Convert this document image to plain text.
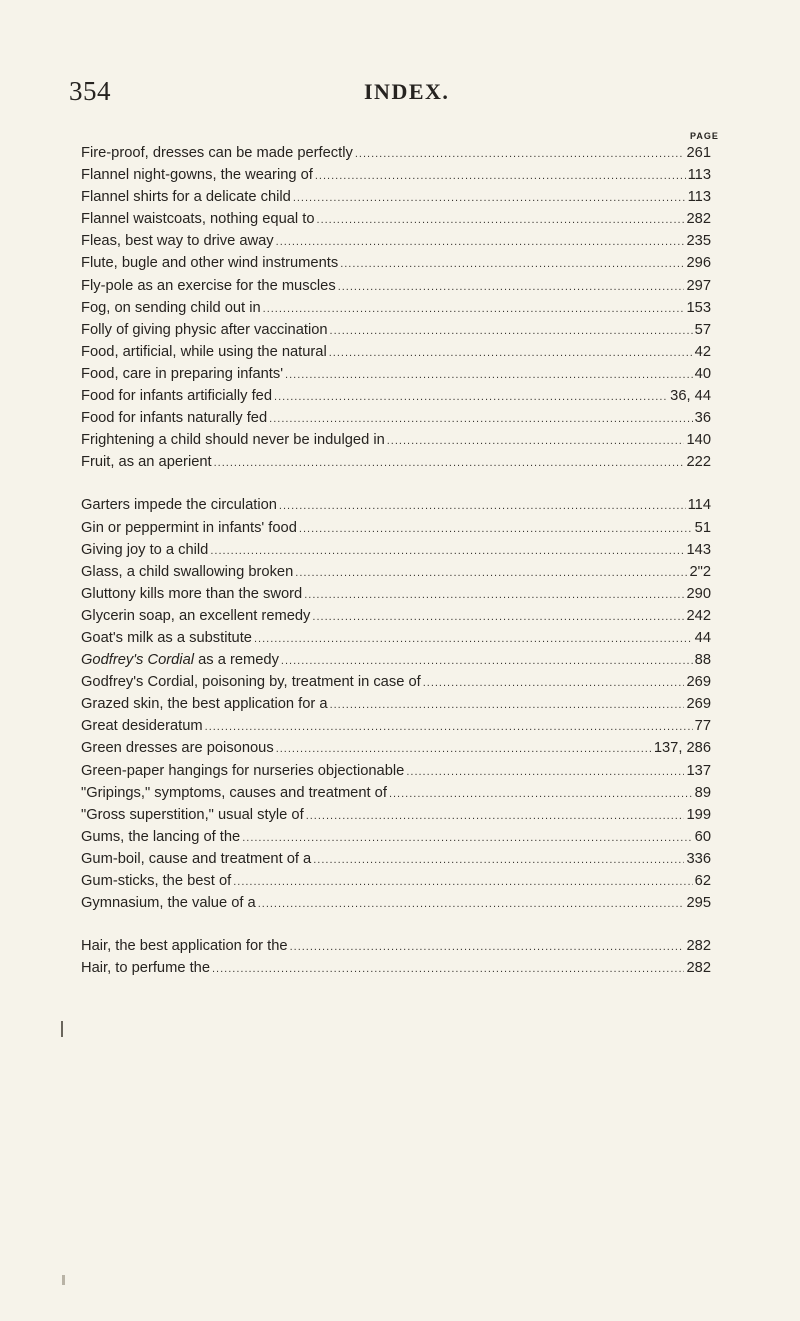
354	INDEX.
PAGE
Fire-proof, dresses can be made perfectly .....	261
Flannel night-gowns, the wearing of .....	113
Flannel shirts for a delicate child .....	113
Flannel waistcoats, nothing equal to .....	282
Fleas, best way to drive away .....	235
Flute, bugle and other wind instruments .....	296
Fly-pole as an exercise for the muscles .....	297
Fog, on sending child out in .....	153
Folly of giving physic after vaccination .....	57
Food, artificial, while using the natural .....	42
Food, care in preparing infants' .....	40
Food for infants artificially fed .....	36, 44
Food for infants naturally fed .....	36
Frightening a child should never be indulged in .....	140
Fruit, as an aperient .....	222
Garters impede the circulation .....	114
Gin or peppermint in infants' food .....	51
Giving joy to a child .....	143
Glass, a child swallowing broken .....	2"2
Gluttony kills more than the sword .....	290
Glycerin soap, an excellent remedy .....	242
Goat's milk as a substitute .....	44
Godfrey's Cordial as a remedy .....	88
Godfrey's Cordial, poisoning by, treatment in case of .....	269
Grazed skin, the best application for a .....	269
Great desideratum .....	77
Green dresses are poisonous .....	137, 286
Green-paper hangings for nurseries objectionable .....	137
"Gripings," symptoms, causes and treatment of .....	89
"Gross superstition," usual style of .....	199
Gums, the lancing of the .....	60
Gum-boil, cause and treatment of a .....	336
Gum-sticks, the best of .....	62
Gymnasium, the value of a .....	295
Hair, the best application for the .....	282
Hair, to perfume the .....	282
